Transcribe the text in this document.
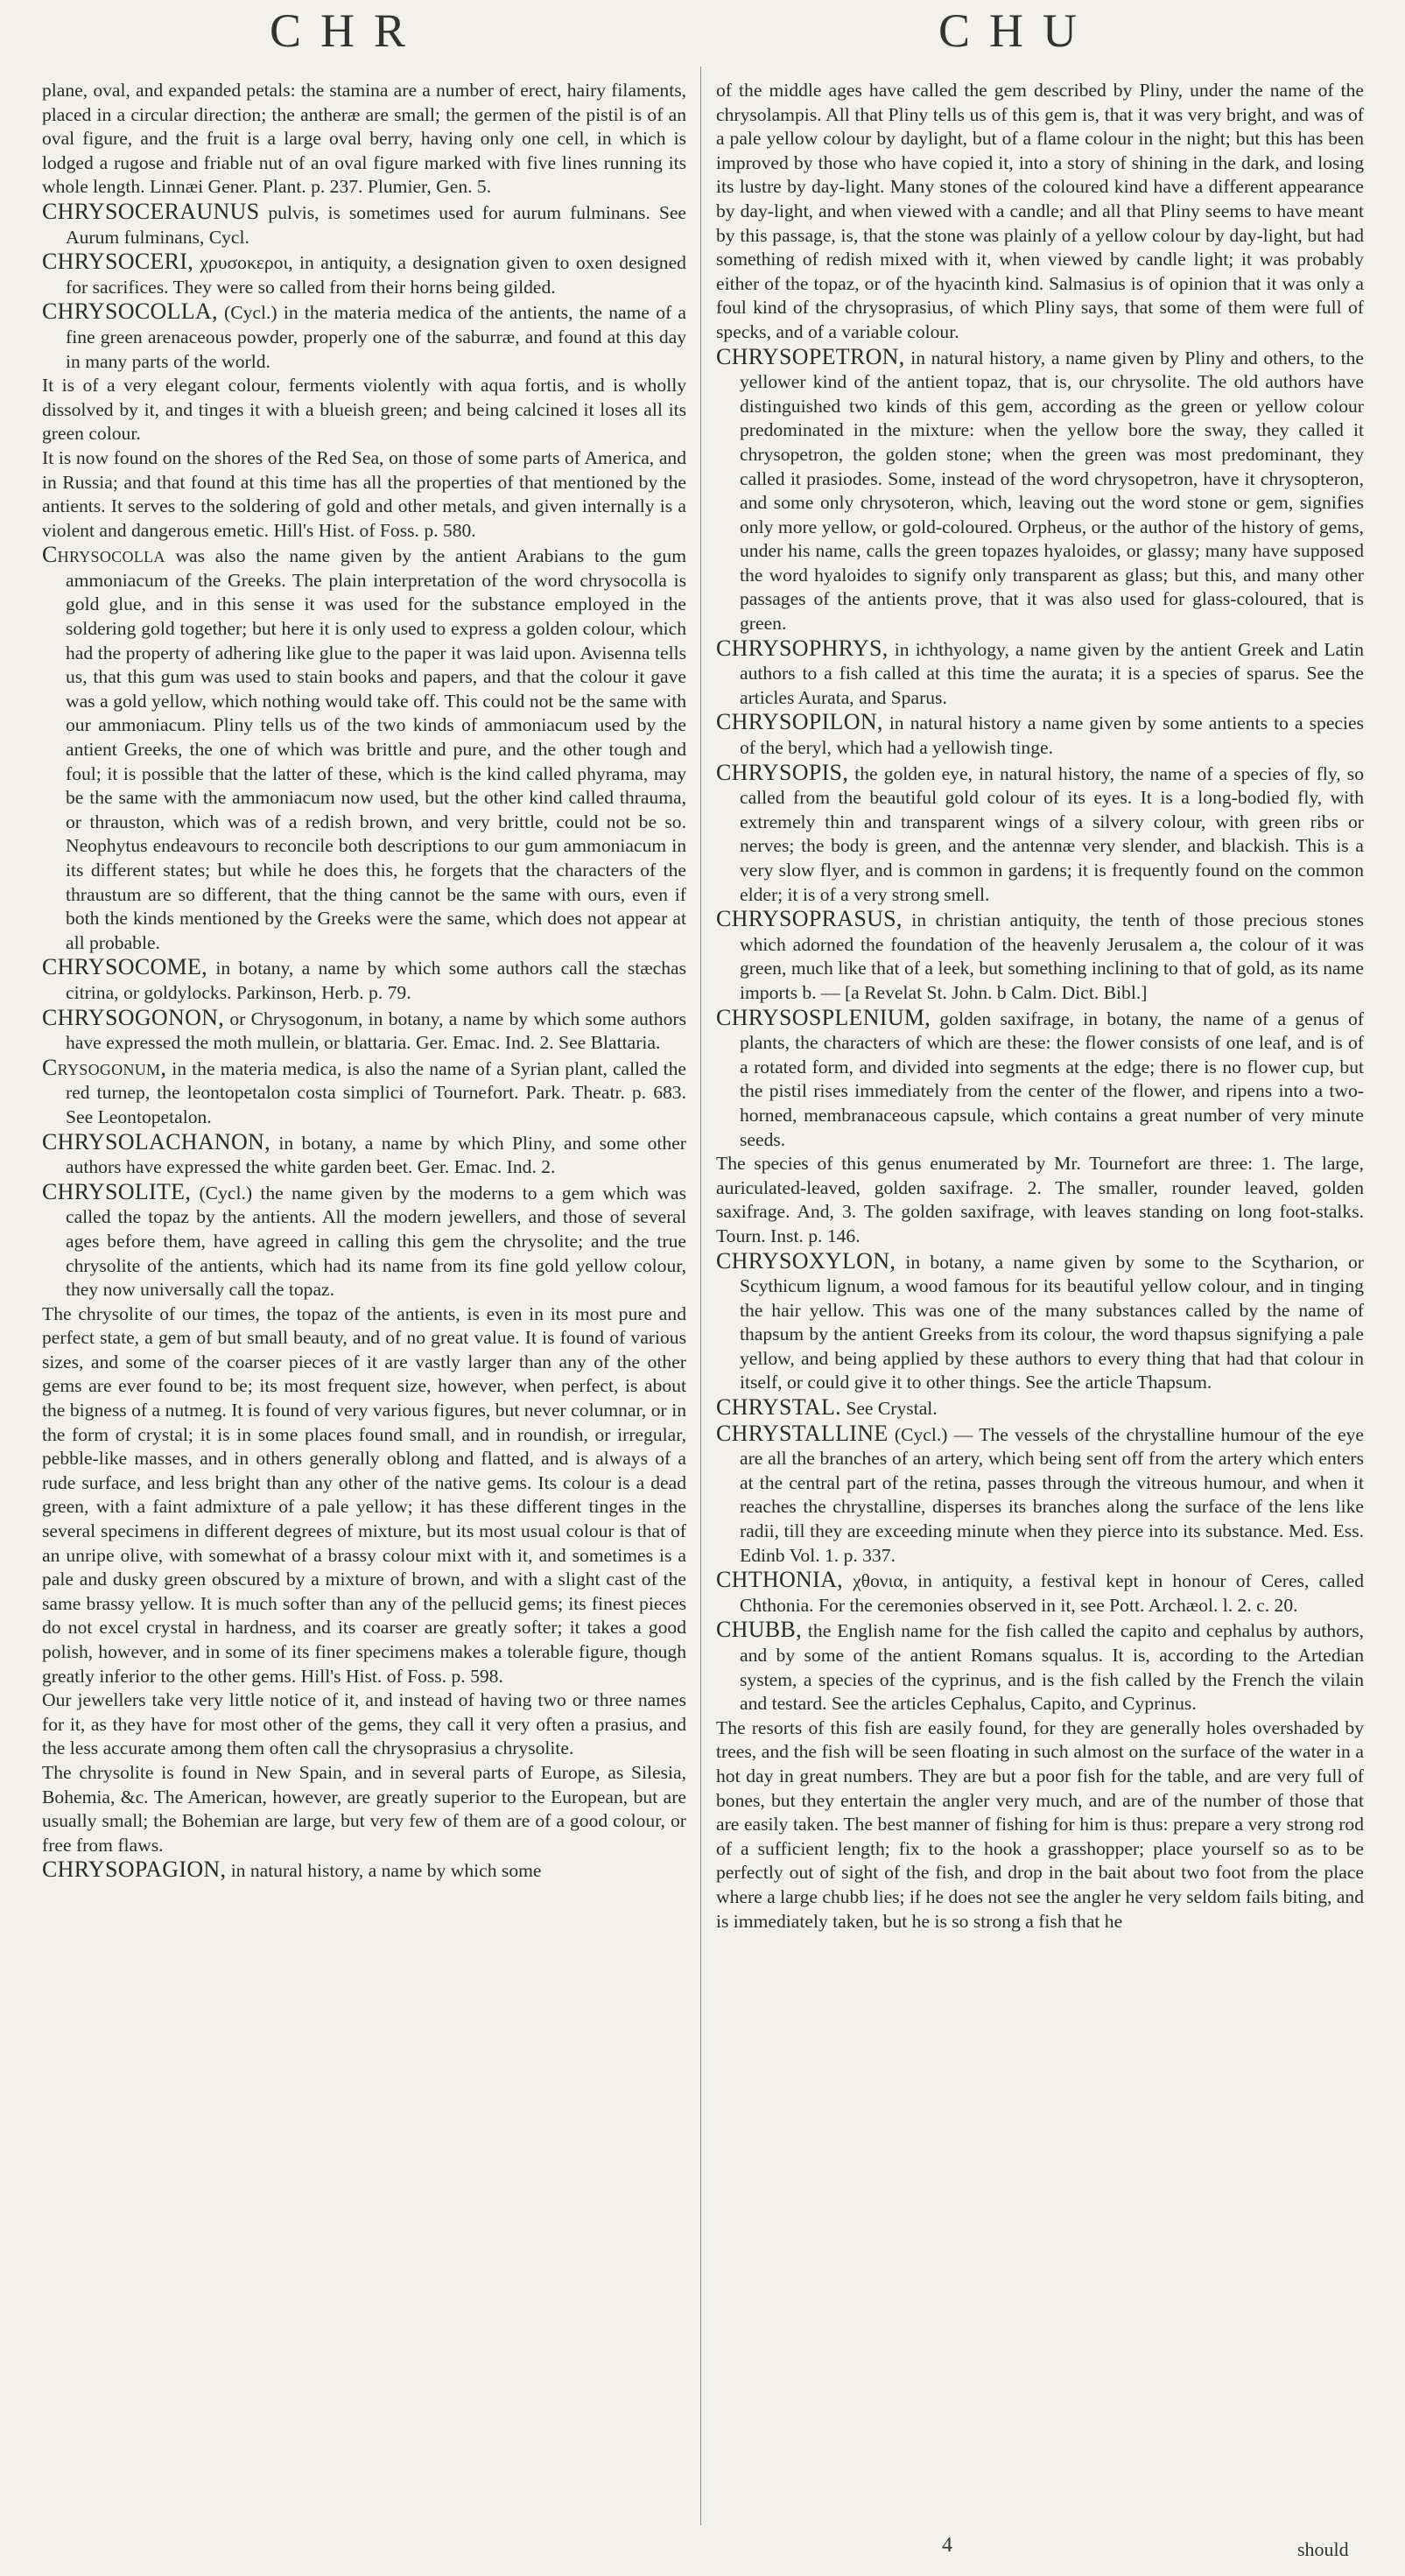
CHR	CHU

plane, oval, and expanded petals: the stamina are a number of erect, hairy filaments, placed in a circular direction; the antheræ are small; the germen of the pistil is of an oval figure, and the fruit is a large oval berry, having only one cell, in which is lodged a rugose and friable nut of an oval figure marked with five lines running its whole length. Linnæi Gener. Plant. p. 237. Plumier, Gen. 5.

CHRYSOCERAUNUS pulvis, is sometimes used for aurum fulminans. See Aurum fulminans, Cycl.

CHRYSOCERI, χρυσοκεροι, in antiquity, a designation given to oxen designed for sacrifices. They were so called from their horns being gilded.

CHRYSOCOLLA, (Cycl.) in the materia medica of the antients, the name of a fine green arenaceous powder, properly one of the saburræ, and found at this day in many parts of the world.

It is of a very elegant colour, ferments violently with aqua fortis, and is wholly dissolved by it, and tinges it with a blueish green; and being calcined it loses all its green colour.

It is now found on the shores of the Red Sea, on those of some parts of America, and in Russia; and that found at this time has all the properties of that mentioned by the antients. It serves to the soldering of gold and other metals, and given internally is a violent and dangerous emetic. Hill's Hist. of Foss. p. 580.

Chrysocolla was also the name given by the antient Arabians to the gum ammoniacum of the Greeks. The plain interpretation of the word chrysocolla is gold glue, and in this sense it was used for the substance employed in the soldering gold together; but here it is only used to express a golden colour, which had the property of adhering like glue to the paper it was laid upon. Avisenna tells us, that this gum was used to stain books and papers, and that the colour it gave was a gold yellow, which nothing would take off. This could not be the same with our ammoniacum. Pliny tells us of the two kinds of ammoniacum used by the antient Greeks, the one of which was brittle and pure, and the other tough and foul; it is possible that the latter of these, which is the kind called phyrama, may be the same with the ammoniacum now used, but the other kind called thrauma, or thrauston, which was of a redish brown, and very brittle, could not be so. Neophytus endeavours to reconcile both descriptions to our gum ammoniacum in its different states; but while he does this, he forgets that the characters of the thraustum are so different, that the thing cannot be the same with ours, even if both the kinds mentioned by the Greeks were the same, which does not appear at all probable.

CHRYSOCOME, in botany, a name by which some authors call the stæchas citrina, or goldylocks. Parkinson, Herb. p. 79.

CHRYSOGONON, or Chrysogonum, in botany, a name by which some authors have expressed the moth mullein, or blattaria. Ger. Emac. Ind. 2. See Blattaria.

Crysogonum, in the materia medica, is also the name of a Syrian plant, called the red turnep, the leontopetalon costa simplici of Tournefort. Park. Theatr. p. 683. See Leontopetalon.

CHRYSOLACHANON, in botany, a name by which Pliny, and some other authors have expressed the white garden beet. Ger. Emac. Ind. 2.

CHRYSOLITE, (Cycl.) the name given by the moderns to a gem which was called the topaz by the antients. All the modern jewellers, and those of several ages before them, have agreed in calling this gem the chrysolite; and the true chrysolite of the antients, which had its name from its fine gold yellow colour, they now universally call the topaz.

The chrysolite of our times, the topaz of the antients, is even in its most pure and perfect state, a gem of but small beauty, and of no great value. It is found of various sizes, and some of the coarser pieces of it are vastly larger than any of the other gems are ever found to be; its most frequent size, however, when perfect, is about the bigness of a nutmeg. It is found of very various figures, but never columnar, or in the form of crystal; it is in some places found small, and in roundish, or irregular, pebble-like masses, and in others generally oblong and flatted, and is always of a rude surface, and less bright than any other of the native gems. Its colour is a dead green, with a faint admixture of a pale yellow; it has these different tinges in the several specimens in different degrees of mixture, but its most usual colour is that of an unripe olive, with somewhat of a brassy colour mixt with it, and sometimes is a pale and dusky green obscured by a mixture of brown, and with a slight cast of the same brassy yellow. It is much softer than any of the pellucid gems; its finest pieces do not excel crystal in hardness, and its coarser are greatly softer; it takes a good polish, however, and in some of its finer specimens makes a tolerable figure, though greatly inferior to the other gems. Hill's Hist. of Foss. p. 598.

Our jewellers take very little notice of it, and instead of having two or three names for it, as they have for most other of the gems, they call it very often a prasius, and the less accurate among them often call the chrysoprasius a chrysolite.

The chrysolite is found in New Spain, and in several parts of Europe, as Silesia, Bohemia, &c. The American, however, are greatly superior to the European, but are usually small; the Bohemian are large, but very few of them are of a good colour, or free from flaws.

CHRYSOPAGION, in natural history, a name by which some

of the middle ages have called the gem described by Pliny, under the name of the chrysolampis. All that Pliny tells us of this gem is, that it was very bright, and was of a pale yellow colour by daylight, but of a flame colour in the night; but this has been improved by those who have copied it, into a story of shining in the dark, and losing its lustre by day-light. Many stones of the coloured kind have a different appearance by day-light, and when viewed with a candle; and all that Pliny seems to have meant by this passage, is, that the stone was plainly of a yellow colour by day-light, but had something of redish mixed with it, when viewed by candle light; it was probably either of the topaz, or of the hyacinth kind. Salmasius is of opinion that it was only a foul kind of the chrysoprasius, of which Pliny says, that some of them were full of specks, and of a variable colour.

CHRYSOPETRON, in natural history, a name given by Pliny and others, to the yellower kind of the antient topaz, that is, our chrysolite. The old authors have distinguished two kinds of this gem, according as the green or yellow colour predominated in the mixture: when the yellow bore the sway, they called it chrysopetron, the golden stone; when the green was most predominant, they called it prasiodes. Some, instead of the word chrysopetron, have it chrysopteron, and some only chrysoteron, which, leaving out the word stone or gem, signifies only more yellow, or gold-coloured. Orpheus, or the author of the history of gems, under his name, calls the green topazes hyaloides, or glassy; many have supposed the word hyaloides to signify only transparent as glass; but this, and many other passages of the antients prove, that it was also used for glass-coloured, that is green.

CHRYSOPHRYS, in ichthyology, a name given by the antient Greek and Latin authors to a fish called at this time the aurata; it is a species of sparus. See the articles Aurata, and Sparus.

CHRYSOPILON, in natural history a name given by some antients to a species of the beryl, which had a yellowish tinge.

CHRYSOPIS, the golden eye, in natural history, the name of a species of fly, so called from the beautiful gold colour of its eyes. It is a long-bodied fly, with extremely thin and transparent wings of a silvery colour, with green ribs or nerves; the body is green, and the antennæ very slender, and blackish. This is a very slow flyer, and is common in gardens; it is frequently found on the common elder; it is of a very strong smell.

CHRYSOPRASUS, in christian antiquity, the tenth of those precious stones which adorned the foundation of the heavenly Jerusalem a, the colour of it was green, much like that of a leek, but something inclining to that of gold, as its name imports b. — [a Revelat St. John. b Calm. Dict. Bibl.]

CHRYSOSPLENIUM, golden saxifrage, in botany, the name of a genus of plants, the characters of which are these: the flower consists of one leaf, and is of a rotated form, and divided into segments at the edge; there is no flower cup, but the pistil rises immediately from the center of the flower, and ripens into a two-horned, membranaceous capsule, which contains a great number of very minute seeds.

The species of this genus enumerated by Mr. Tournefort are three: 1. The large, auriculated-leaved, golden saxifrage. 2. The smaller, rounder leaved, golden saxifrage. And, 3. The golden saxifrage, with leaves standing on long foot-stalks. Tourn. Inst. p. 146.

CHRYSOXYLON, in botany, a name given by some to the Scytharion, or Scythicum lignum, a wood famous for its beautiful yellow colour, and in tinging the hair yellow. This was one of the many substances called by the name of thapsum by the antient Greeks from its colour, the word thapsus signifying a pale yellow, and being applied by these authors to every thing that had that colour in itself, or could give it to other things. See the article Thapsum.

CHRYSTAL. See Crystal.

CHRYSTALLINE (Cycl.) — The vessels of the chrystalline humour of the eye are all the branches of an artery, which being sent off from the artery which enters at the central part of the retina, passes through the vitreous humour, and when it reaches the chrystalline, disperses its branches along the surface of the lens like radii, till they are exceeding minute when they pierce into its substance. Med. Ess. Edinb Vol. 1. p. 337.

CHTHONIA, χθονια, in antiquity, a festival kept in honour of Ceres, called Chthonia. For the ceremonies observed in it, see Pott. Archæol. l. 2. c. 20.

CHUBB, the English name for the fish called the capito and cephalus by authors, and by some of the antient Romans squalus. It is, according to the Artedian system, a species of the cyprinus, and is the fish called by the French the vilain and testard. See the articles Cephalus, Capito, and Cyprinus.

The resorts of this fish are easily found, for they are generally holes overshaded by trees, and the fish will be seen floating in such almost on the surface of the water in a hot day in great numbers. They are but a poor fish for the table, and are very full of bones, but they entertain the angler very much, and are of the number of those that are easily taken. The best manner of fishing for him is thus: prepare a very strong rod of a sufficient length; fix to the hook a grasshopper; place yourself so as to be perfectly out of sight of the fish, and drop in the bait about two foot from the place where a large chubb lies; if he does not see the angler he very seldom fails biting, and is immediately taken, but he is so strong a fish that he

4	should
